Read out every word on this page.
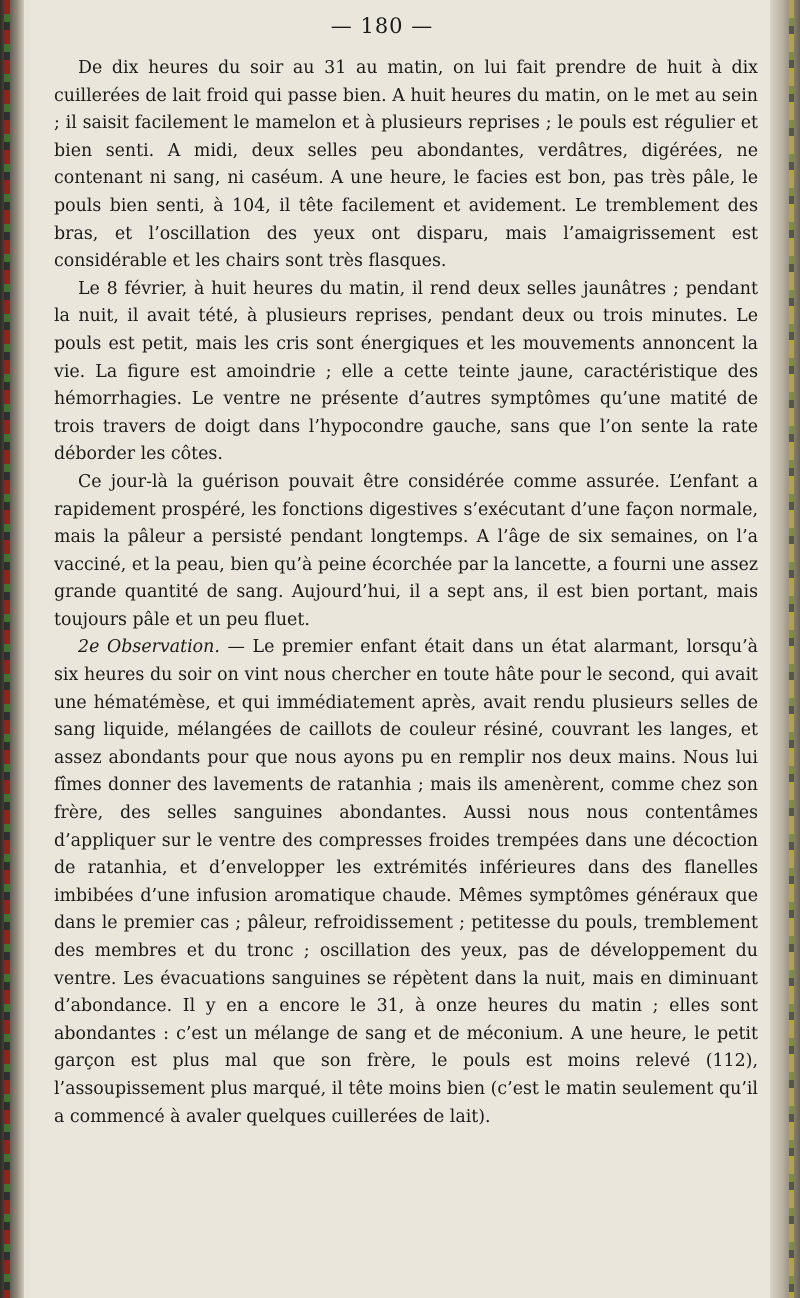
— 180 —

De dix heures du soir au 31 au matin, on lui fait prendre de huit à dix cuillerées de lait froid qui passe bien. A huit heures du matin, on le met au sein ; il saisit facilement le mamelon et à plusieurs reprises ; le pouls est régulier et bien senti. A midi, deux selles peu abondantes, verdâtres, digérées, ne contenant ni sang, ni caséum. A une heure, le facies est bon, pas très pâle, le pouls bien senti, à 104, il tête facilement et avidement. Le tremblement des bras, et l’oscillation des yeux ont disparu, mais l’amaigrissement est considérable et les chairs sont très flasques.

Le 8 février, à huit heures du matin, il rend deux selles jaunâtres ; pendant la nuit, il avait tété, à plusieurs reprises, pendant deux ou trois minutes. Le pouls est petit, mais les cris sont énergiques et les mouvements annoncent la vie. La figure est amoindrie ; elle a cette teinte jaune, caractéristique des hémorrhagies. Le ventre ne présente d’autres symptômes qu’une matité de trois travers de doigt dans l’hypocondre gauche, sans que l’on sente la rate déborder les côtes.

Ce jour-là la guérison pouvait être considérée comme assurée. L’enfant a rapidement prospéré, les fonctions digestives s’exécutant d’une façon normale, mais la pâleur a persisté pendant longtemps. A l’âge de six semaines, on l’a vacciné, et la peau, bien qu’à peine écorchée par la lancette, a fourni une assez grande quantité de sang. Aujourd’hui, il a sept ans, il est bien portant, mais toujours pâle et un peu fluet.

2e Observation. — Le premier enfant était dans un état alarmant, lorsqu’à six heures du soir on vint nous chercher en toute hâte pour le second, qui avait une hématémèse, et qui immédiatement après, avait rendu plusieurs selles de sang liquide, mélangées de caillots de couleur résiné, couvrant les langes, et assez abondants pour que nous ayons pu en remplir nos deux mains. Nous lui fîmes donner des lavements de ratanhia ; mais ils amenèrent, comme chez son frère, des selles sanguines abondantes. Aussi nous nous contentâmes d’appliquer sur le ventre des compresses froides trempées dans une décoction de ratanhia, et d’envelopper les extrémités inférieures dans des flanelles imbibées d’une infusion aromatique chaude. Mêmes symptômes généraux que dans le premier cas ; pâleur, refroidissement ; petitesse du pouls, tremblement des membres et du tronc ; oscillation des yeux, pas de développement du ventre. Les évacuations sanguines se répètent dans la nuit, mais en diminuant d’abondance. Il y en a encore le 31, à onze heures du matin ; elles sont abondantes : c’est un mélange de sang et de méconium. A une heure, le petit garçon est plus mal que son frère, le pouls est moins relevé (112), l’assoupissement plus marqué, il tête moins bien (c’est le matin seulement qu’il a commencé à avaler quelques cuillerées de lait).
